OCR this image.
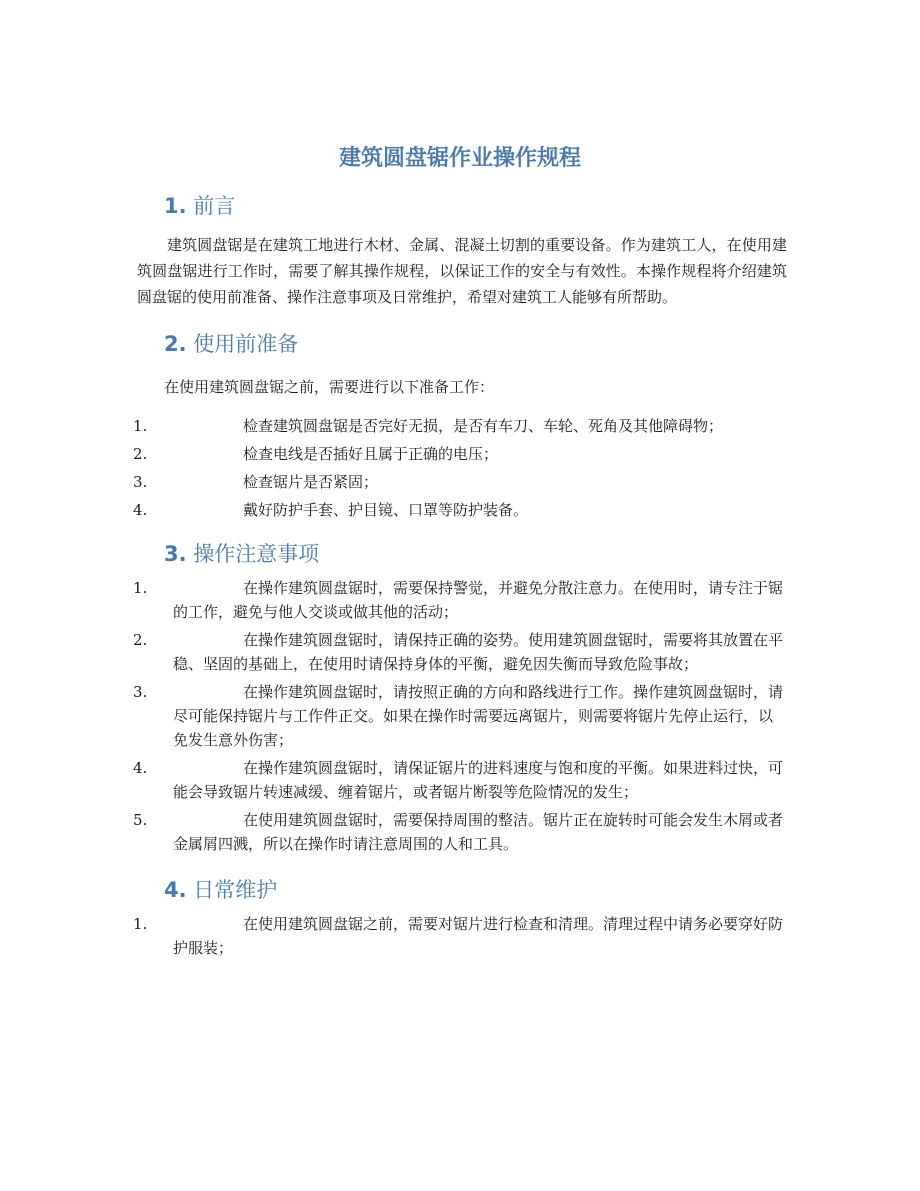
建筑圆盘锯作业操作规程
1. 前言

建筑圆盘锯是在建筑工地进行木材、金属、混凝土切割的重要设备。作为建筑工人，在使用建筑圆盘锯进行工作时，需要了解其操作规程，以保证工作的安全与有效性。本操作规程将介绍建筑圆盘锯的使用前准备、操作注意事项及日常维护，希望对建筑工人能够有所帮助。

2. 使用前准备

在使用建筑圆盘锯之前，需要进行以下准备工作：

1.	检查建筑圆盘锯是否完好无损，是否有车刀、车轮、死角及其他障碍物；
2.	检查电线是否插好且属于正确的电压；
3.	检查锯片是否紧固；
4.	戴好防护手套、护目镜、口罩等防护装备。
3. 操作注意事项
1.	在操作建筑圆盘锯时，需要保持警觉，并避免分散注意力。在使用时，请专注于锯的工作，避免与他人交谈或做其他的活动；
2.	在操作建筑圆盘锯时，请保持正确的姿势。使用建筑圆盘锯时，需要将其放置在平稳、坚固的基础上，在使用时请保持身体的平衡，避免因失衡而导致危险事故；
3.	在操作建筑圆盘锯时，请按照正确的方向和路线进行工作。操作建筑圆盘锯时，请尽可能保持锯片与工作件正交。如果在操作时需要远离锯片，则需要将锯片先停止运行，以免发生意外伤害；
4.	在操作建筑圆盘锯时，请保证锯片的进料速度与饱和度的平衡。如果进料过快，可能会导致锯片转速减缓、缠着锯片，或者锯片断裂等危险情况的发生；
5.	在使用建筑圆盘锯时，需要保持周围的整洁。锯片正在旋转时可能会发生木屑或者金属屑四溅，所以在操作时请注意周围的人和工具。
4. 日常维护
1.	在使用建筑圆盘锯之前，需要对锯片进行检查和清理。清理过程中请务必要穿好防护服装；
